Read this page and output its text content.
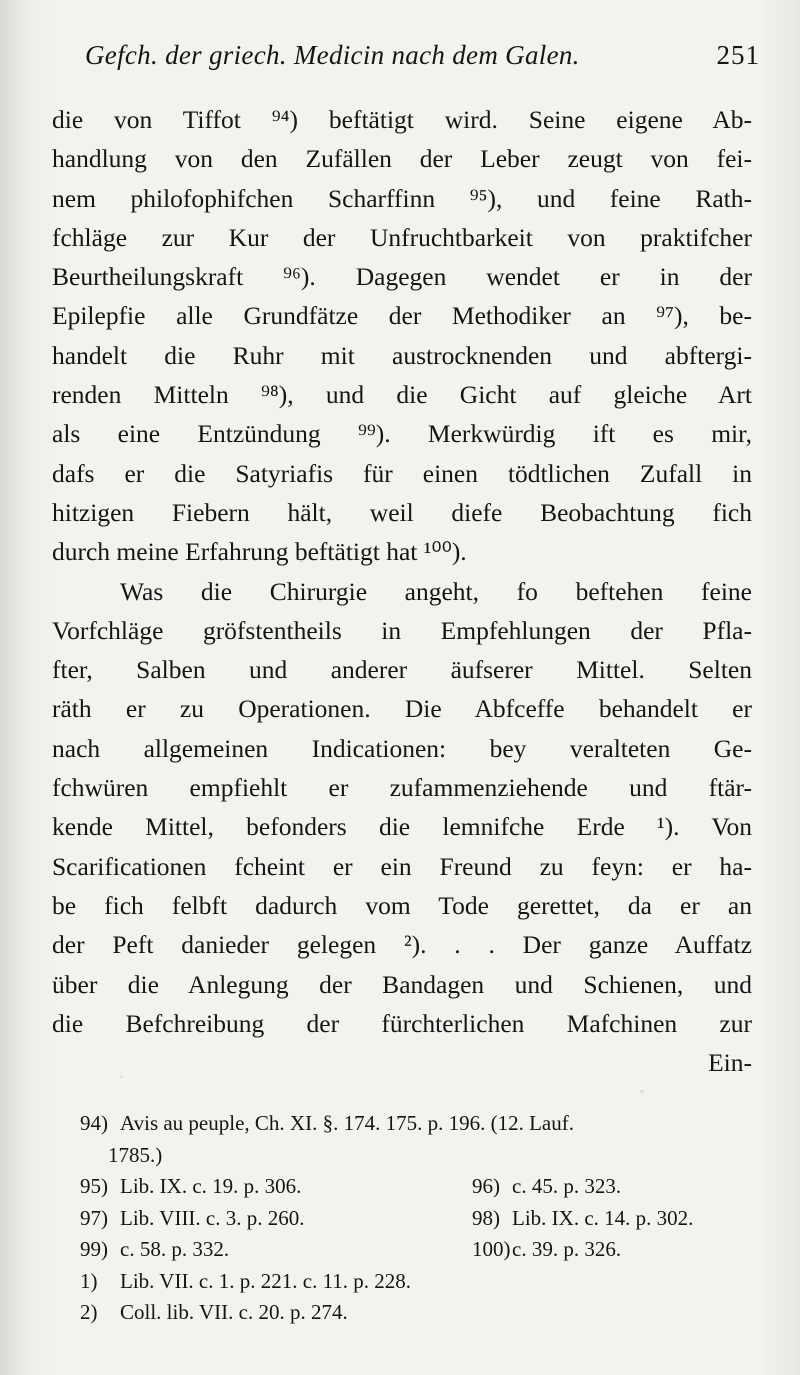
Gefch. der griech. Medicin nach dem Galen.	251
die von Tiffot ⁹⁴) beftätigt wird. Seine eigene Ab-
handlung von den Zufällen der Leber zeugt von fei-
nem philofophifchen Scharffinn ⁹⁵), und feine Rath-
fchläge zur Kur der Unfruchtbarkeit von praktifcher
Beurtheilungskraft ⁹⁶). Dagegen wendet er in der
Epilepfie alle Grundfätze der Methodiker an ⁹⁷), be-
handelt die Ruhr mit austrocknenden und abftergi-
renden Mitteln ⁹⁸), und die Gicht auf gleiche Art
als eine Entzündung ⁹⁹). Merkwürdig ift es mir,
dafs er die Satyriafis für einen tödtlichen Zufall in
hitzigen Fiebern hält, weil diefe Beobachtung fich
durch meine Erfahrung beftätigt hat ¹⁰⁰).
Was die Chirurgie angeht, fo beftehen feine
Vorfchläge gröfstentheils in Empfehlungen der Pfla-
fter, Salben und anderer äufserer Mittel. Selten
räth er zu Operationen. Die Abfceffe behandelt er
nach allgemeinen Indicationen: bey veralteten Ge-
fchwüren empfiehlt er zufammenziehende und ftär-
kende Mittel, befonders die lemnifche Erde ¹). Von
Scarificationen fcheint er ein Freund zu feyn: er ha-
be fich felbft dadurch vom Tode gerettet, da er an
der Peft danieder gelegen ²). . . Der ganze Auffatz
über die Anlegung der Bandagen und Schienen, und
die Befchreibung der fürchterlichen Mafchinen zur
Ein-
94) Avis au peuple, Ch. XI. §. 174. 175. p. 196. (12. Lauf.
1785.)
95) Lib. IX. c. 19. p. 306.	96) c. 45. p. 323.
97) Lib. VIII. c. 3. p. 260.	98) Lib. IX. c. 14. p. 302.
99) c. 58. p. 332.	100)c. 39. p. 326.
1) Lib. VII. c. 1. p. 221. c. 11. p. 228.
2) Coll. lib. VII. c. 20. p. 274.
